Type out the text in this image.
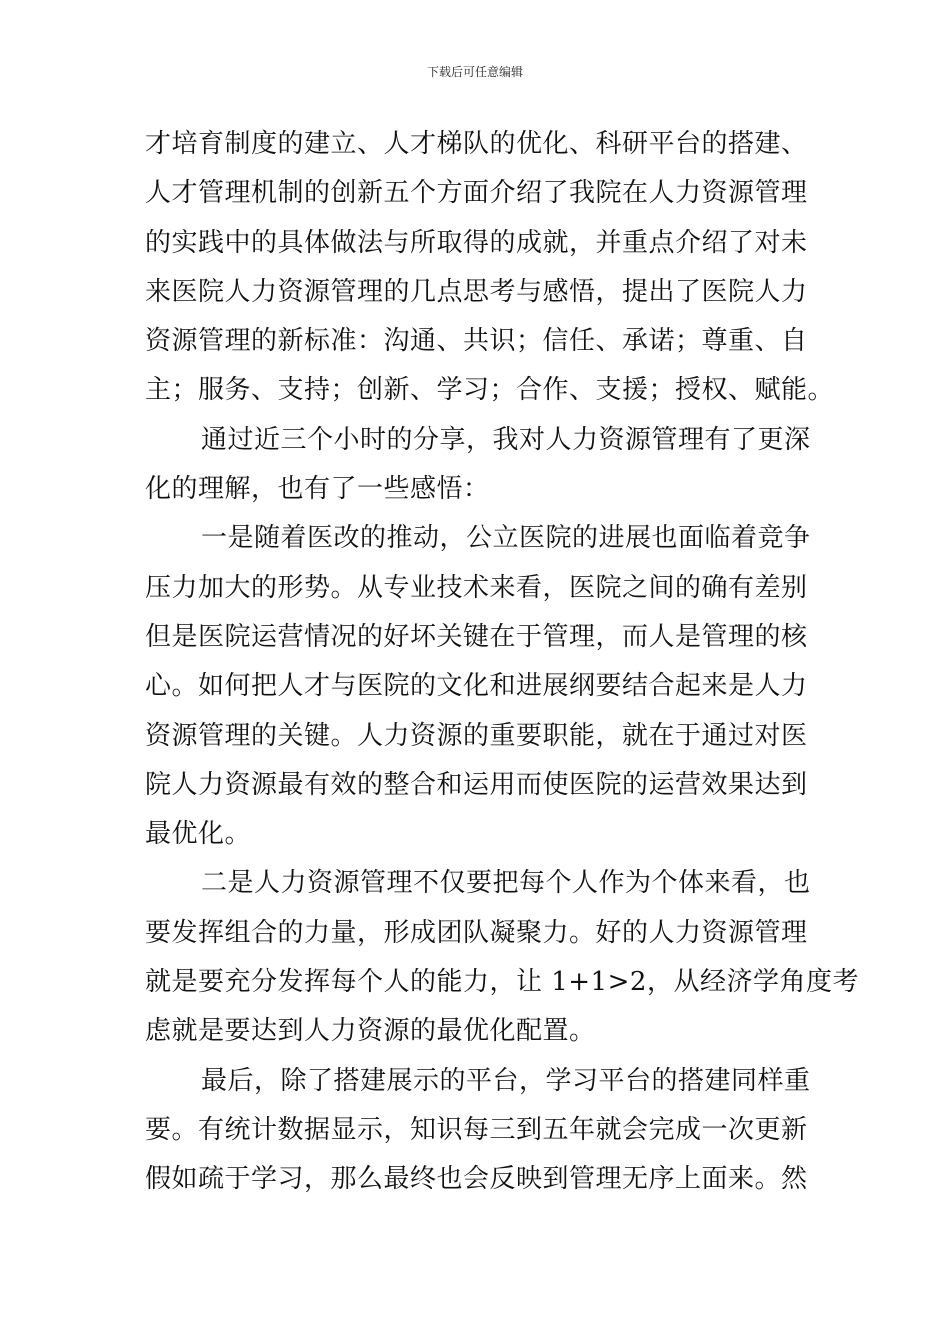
下载后可任意编辑
才培育制度的建立、人才梯队的优化、科研平台的搭建、
人才管理机制的创新五个方面介绍了我院在人力资源管理
的实践中的具体做法与所取得的成就，并重点介绍了对未
来医院人力资源管理的几点思考与感悟，提出了医院人力
资源管理的新标准：沟通、共识；信任、承诺；尊重、自
主；服务、支持；创新、学习；合作、支援；授权、赋能。
通过近三个小时的分享，我对人力资源管理有了更深
化的理解，也有了一些感悟：
一是随着医改的推动，公立医院的进展也面临着竞争
压力加大的形势。从专业技术来看，医院之间的确有差别
但是医院运营情况的好坏关键在于管理，而人是管理的核
心。如何把人才与医院的文化和进展纲要结合起来是人力
资源管理的关键。人力资源的重要职能，就在于通过对医
院人力资源最有效的整合和运用而使医院的运营效果达到
最优化。
二是人力资源管理不仅要把每个人作为个体来看，也
要发挥组合的力量，形成团队凝聚力。好的人力资源管理
就是要充分发挥每个人的能力，让 1+1>2，从经济学角度考
虑就是要达到人力资源的最优化配置。
最后，除了搭建展示的平台，学习平台的搭建同样重
要。有统计数据显示，知识每三到五年就会完成一次更新
假如疏于学习，那么最终也会反映到管理无序上面来。然
